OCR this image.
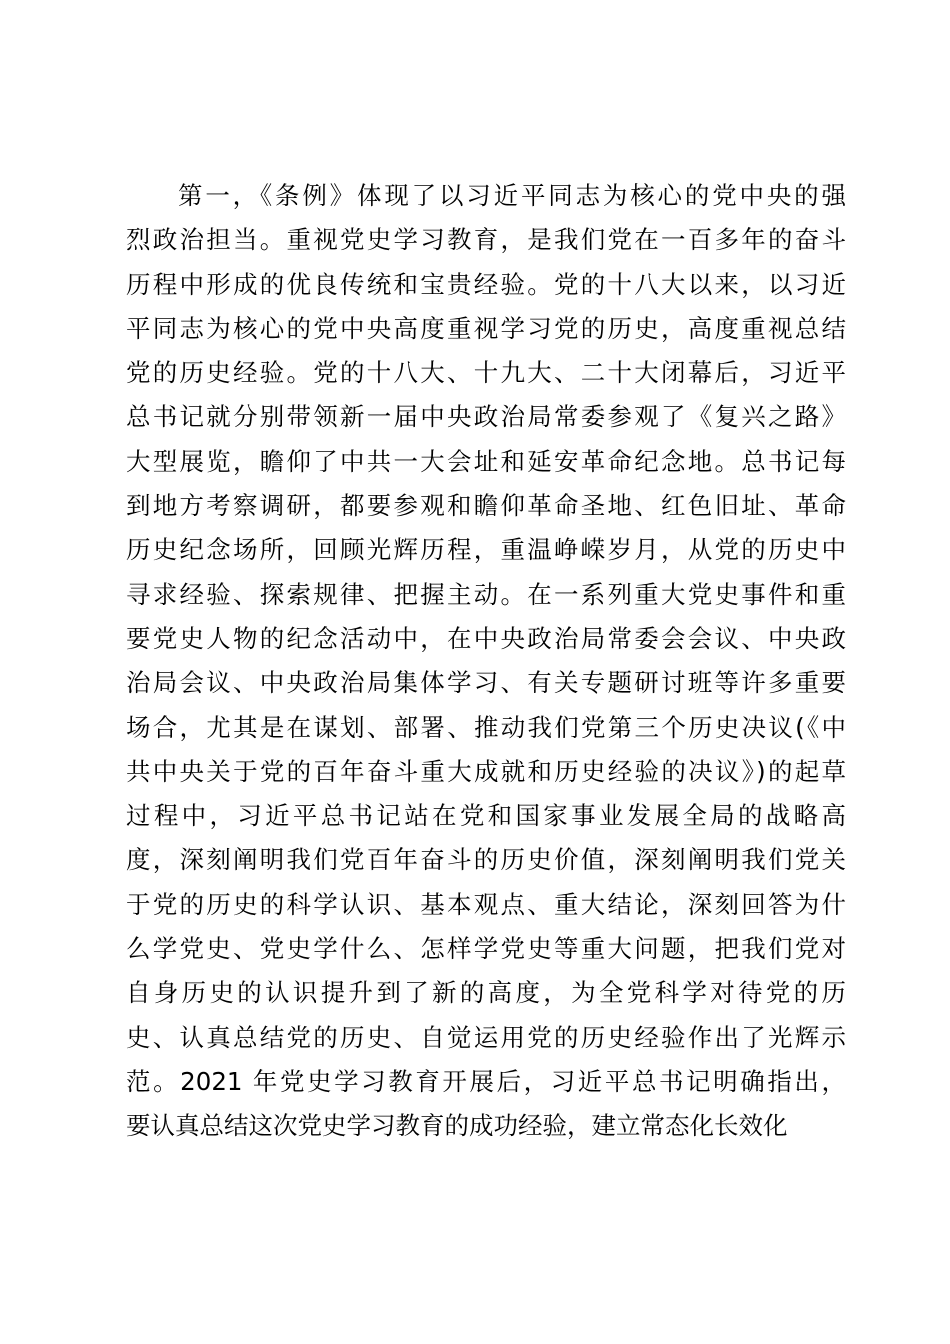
第一，《条例》体现了以习近平同志为核心的党中央的强
烈政治担当。重视党史学习教育，是我们党在一百多年的奋斗
历程中形成的优良传统和宝贵经验。党的十八大以来，以习近
平同志为核心的党中央高度重视学习党的历史，高度重视总结
党的历史经验。党的十八大、十九大、二十大闭幕后，习近平
总书记就分别带领新一届中央政治局常委参观了《复兴之路》
大型展览，瞻仰了中共一大会址和延安革命纪念地。总书记每
到地方考察调研，都要参观和瞻仰革命圣地、红色旧址、革命
历史纪念场所，回顾光辉历程，重温峥嵘岁月，从党的历史中
寻求经验、探索规律、把握主动。在一系列重大党史事件和重
要党史人物的纪念活动中，在中央政治局常委会会议、中央政
治局会议、中央政治局集体学习、有关专题研讨班等许多重要
场合，尤其是在谋划、部署、推动我们党第三个历史决议(《中
共中央关于党的百年奋斗重大成就和历史经验的决议》)的起草
过程中，习近平总书记站在党和国家事业发展全局的战略高
度，深刻阐明我们党百年奋斗的历史价值，深刻阐明我们党关
于党的历史的科学认识、基本观点、重大结论，深刻回答为什
么学党史、党史学什么、怎样学党史等重大问题，把我们党对
自身历史的认识提升到了新的高度，为全党科学对待党的历
史、认真总结党的历史、自觉运用党的历史经验作出了光辉示
范。2021 年党史学习教育开展后，习近平总书记明确指出，
要认真总结这次党史学习教育的成功经验，建立常态化长效化
